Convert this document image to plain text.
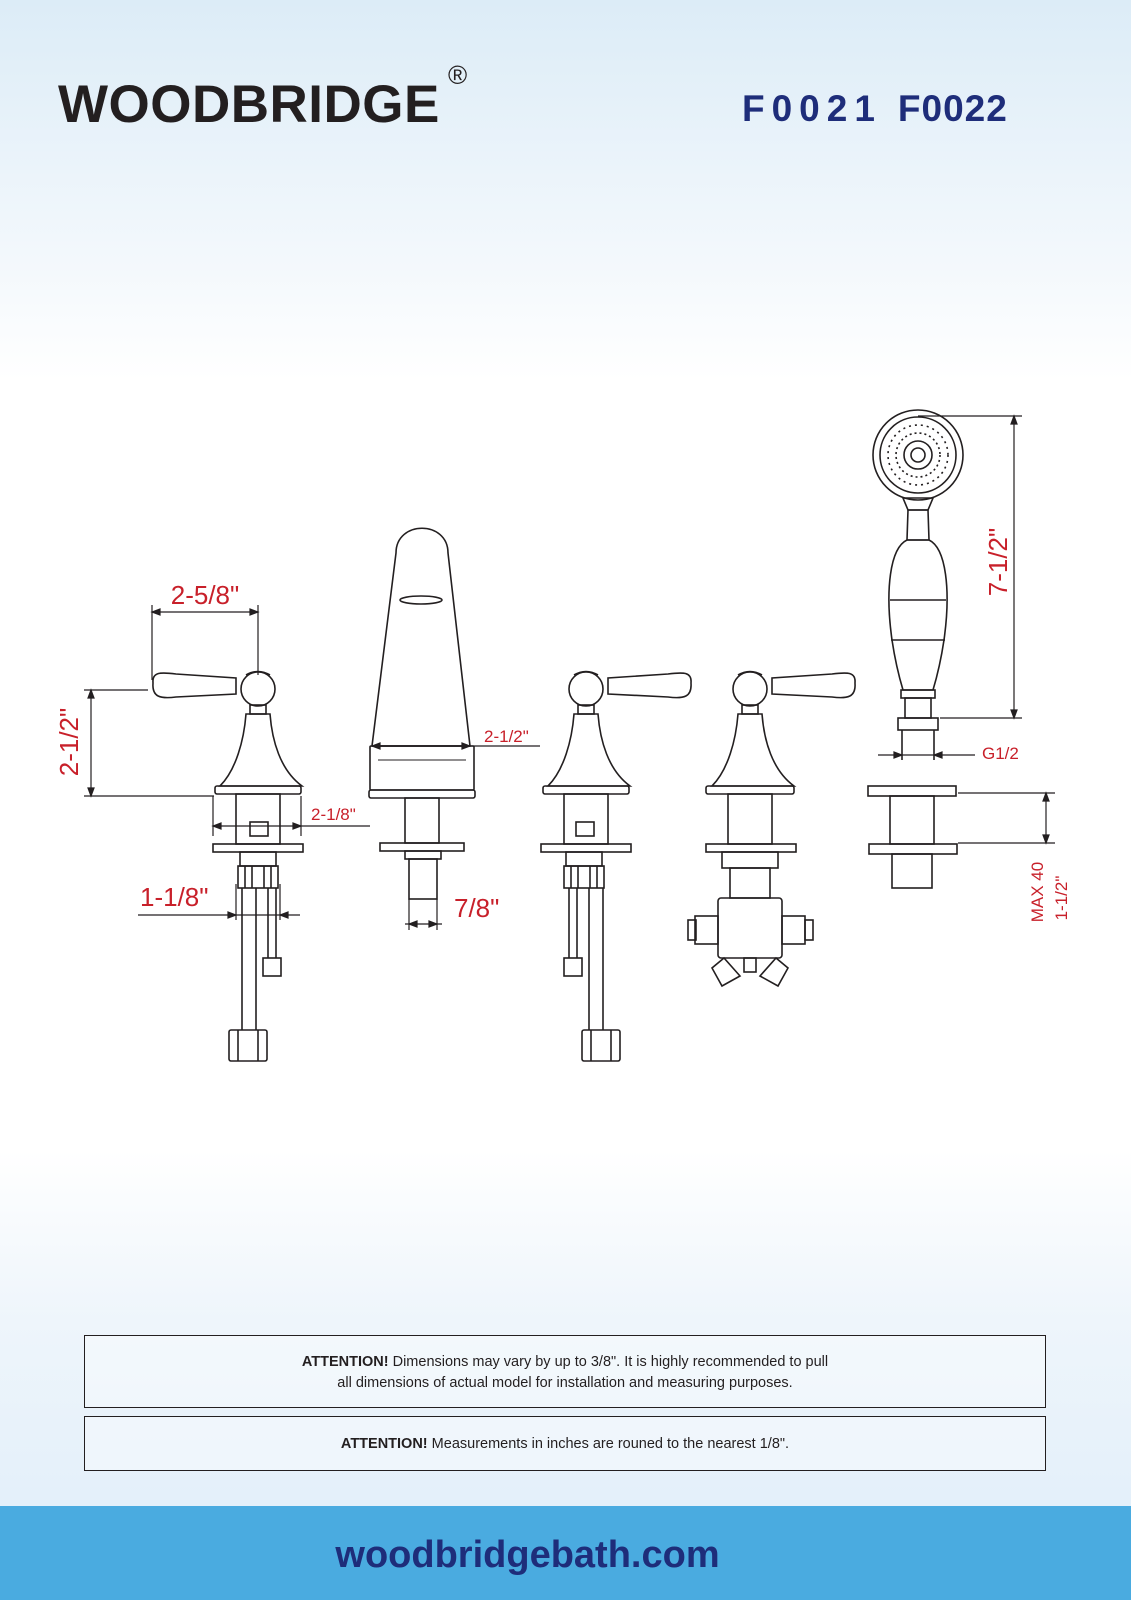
WOODBRIDGE ®
F0021 F0022
2-5/8"
2-1/2"
2-1/8"
1-1/8"
2-1/2"
7/8"
7-1/2"
G1/2
MAX 40 1-1/2"
ATTENTION! Dimensions may vary by up to 3/8". It is highly recommended to pull
all dimensions of actual model for installation and measuring purposes.
ATTENTION! Measurements in inches are rouned to the nearest 1/8".
woodbridgebath.com
